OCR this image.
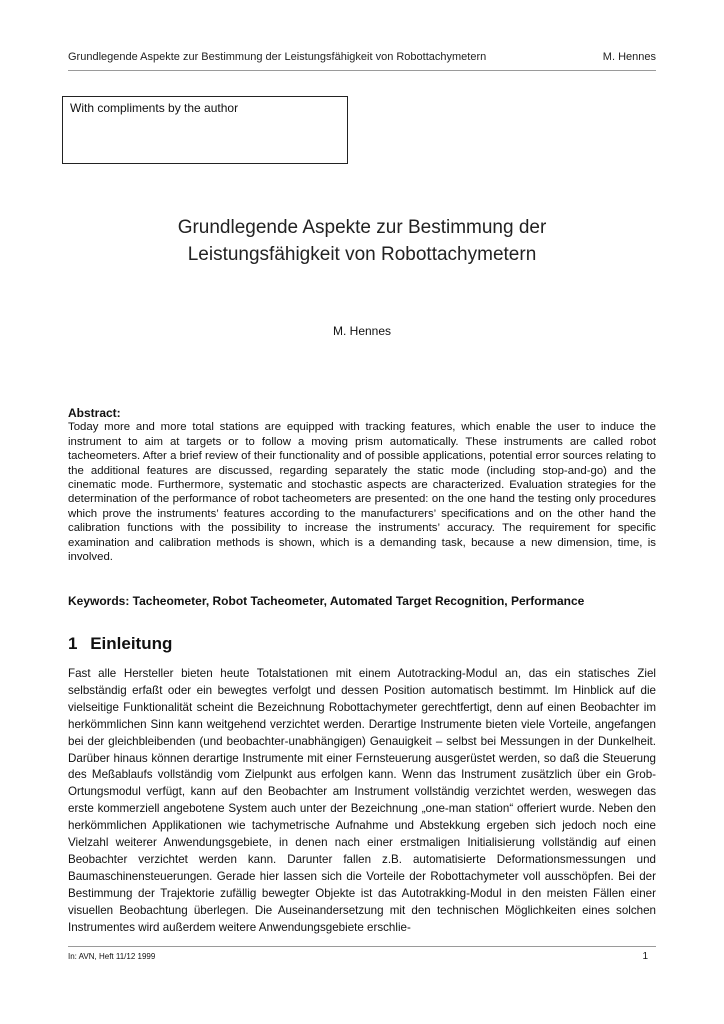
Grundlegende Aspekte zur Bestimmung der Leistungsfähigkeit von Robottachymetern	M. Hennes
With compliments by the author
Grundlegende Aspekte zur Bestimmung der
Leistungsfähigkeit von Robottachymetern
M. Hennes
Abstract:
Today more and more total stations are equipped with tracking features, which enable the user to induce the instrument to aim at targets or to follow a moving prism automatically. These instruments are called robot tacheometers. After a brief review of their functionality and of possible applications, potential error sources relating to the additional features are discussed, regarding separately the static mode (including stop-and-go) and the cinematic mode. Furthermore, systematic and stochastic aspects are characterized. Evaluation strategies for the determination of the performance of robot tacheometers are presented: on the one hand the testing only procedures which prove the instruments’ features according to the manufacturers’ specifications and on the other hand the calibration functions with the possibility to increase the instruments’ accuracy. The requirement for specific examination and calibration methods is shown, which is a demanding task, because a new dimension, time, is involved.
Keywords: Tacheometer, Robot Tacheometer, Automated Target Recognition, Performance
1 Einleitung
Fast alle Hersteller bieten heute Totalstationen mit einem Autotracking-Modul an, das ein statisches Ziel selbständig erfaßt oder ein bewegtes verfolgt und dessen Position automatisch bestimmt. Im Hinblick auf die vielseitige Funktionalität scheint die Bezeichnung Robottachymeter gerechtfertigt, denn auf einen Beobachter im herkömmlichen Sinn kann weitgehend verzichtet werden. Derartige Instrumente bieten viele Vorteile, angefangen bei der gleichbleibenden (und beobachter-unabhängigen) Genauigkeit – selbst bei Messungen in der Dunkelheit. Darüber hinaus können derartige Instrumente mit einer Fernsteuerung ausgerüstet werden, so daß die Steuerung des Meßablaufs vollständig vom Zielpunkt aus erfolgen kann. Wenn das Instrument zusätzlich über ein Grob-Ortungsmodul verfügt, kann auf den Beobachter am Instrument vollständig verzichtet werden, weswegen das erste kommerziell angebotene System auch unter der Bezeichnung „one-man station“ offeriert wurde. Neben den herkömmlichen Applikationen wie tachymetrische Aufnahme und Abstekkung ergeben sich jedoch noch eine Vielzahl weiterer Anwendungsgebiete, in denen nach einer erstmaligen Initialisierung vollständig auf einen Beobachter verzichtet werden kann. Darunter fallen z.B. automatisierte Deformationsmessungen und Baumaschinensteuerungen. Gerade hier lassen sich die Vorteile der Robottachymeter voll ausschöpfen. Bei der Bestimmung der Trajektorie zufällig bewegter Objekte ist das Autotrakking-Modul in den meisten Fällen einer visuellen Beobachtung überlegen. Die Auseinandersetzung mit den technischen Möglichkeiten eines solchen Instrumentes wird außerdem weitere Anwendungsgebiete erschlie-
In: AVN, Heft 11/12 1999	1
